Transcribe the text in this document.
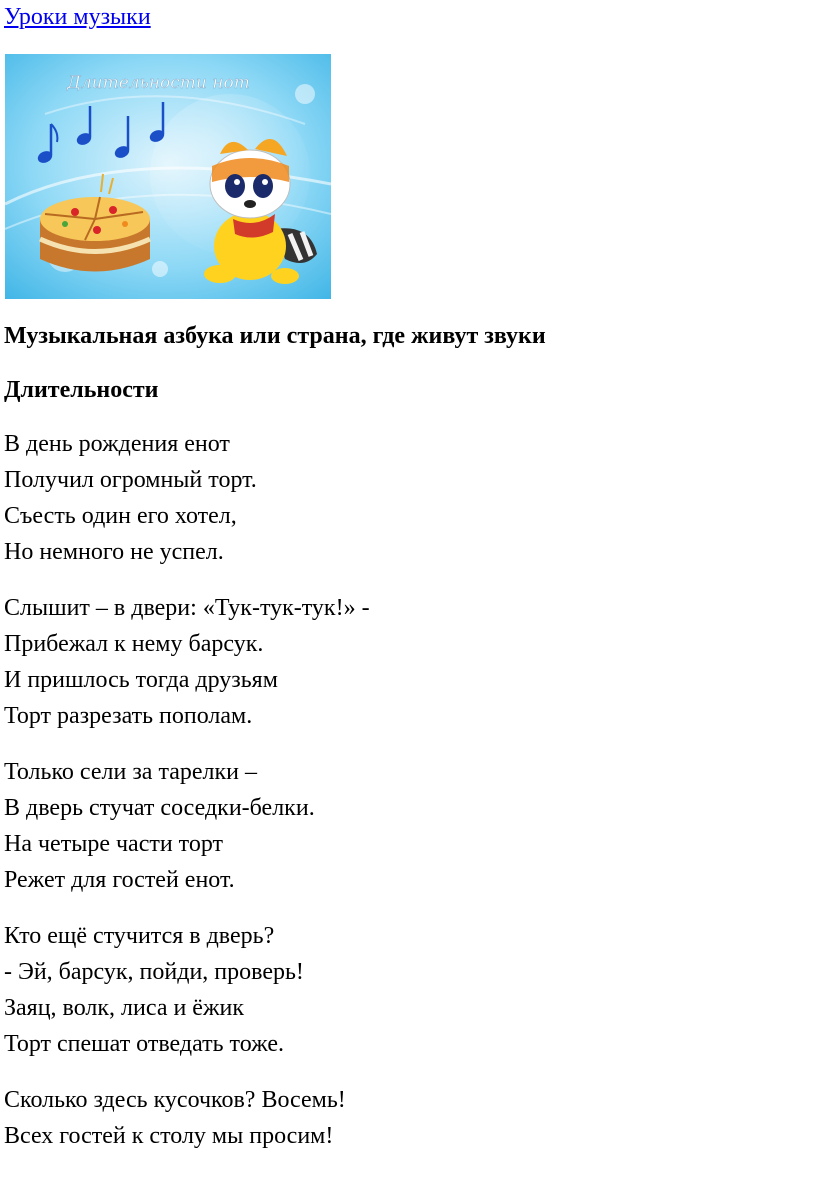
Уроки музыки
Длительности нот
Музыкальная азбука или страна, где живут звуки
Длительности

В день рождения енот
Получил огромный торт.
Съесть один его хотел,
Но немного не успел.

Слышит – в двери: «Тук-тук-тук!» -
Прибежал к нему барсук.
И пришлось тогда друзьям
Торт разрезать пополам.

Только сели за тарелки –
В дверь стучат соседки-белки.
На четыре части торт
Режет для гостей енот.

Кто ещё стучится в дверь?
- Эй, барсук, пойди, проверь!
Заяц, волк, лиса и ёжик
Торт спешат отведать тоже.

Сколько здесь кусочков? Восемь!
Всех гостей к столу мы просим!
